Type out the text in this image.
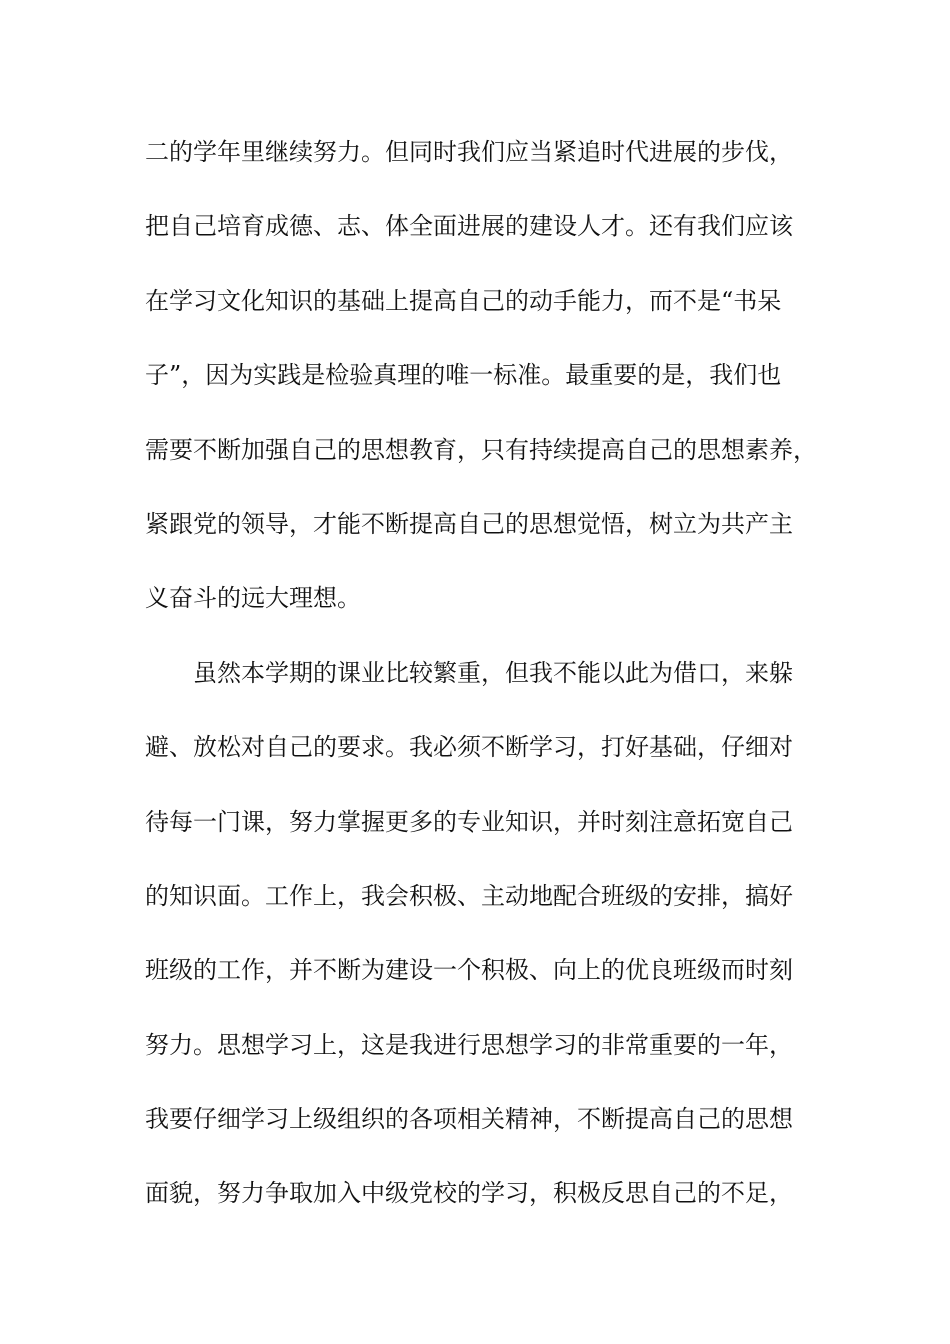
二的学年里继续努力。但同时我们应当紧追时代进展的步伐，
把自己培育成德、志、体全面进展的建设人才。还有我们应该
在学习文化知识的基础上提高自己的动手能力，而不是“书呆
子”，因为实践是检验真理的唯一标准。最重要的是，我们也
需要不断加强自己的思想教育，只有持续提高自己的思想素养，
紧跟党的领导，才能不断提高自己的思想觉悟，树立为共产主
义奋斗的远大理想。
虽然本学期的课业比较繁重，但我不能以此为借口，来躲
避、放松对自己的要求。我必须不断学习，打好基础，仔细对
待每一门课，努力掌握更多的专业知识，并时刻注意拓宽自己
的知识面。工作上，我会积极、主动地配合班级的安排，搞好
班级的工作，并不断为建设一个积极、向上的优良班级而时刻
努力。思想学习上，这是我进行思想学习的非常重要的一年，
我要仔细学习上级组织的各项相关精神，不断提高自己的思想
面貌，努力争取加入中级党校的学习，积极反思自己的不足，
